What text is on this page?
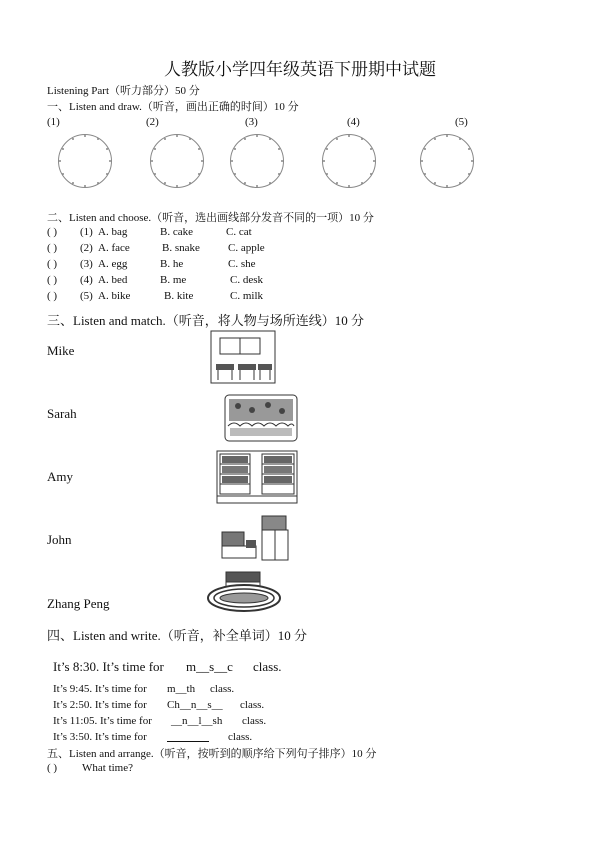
人教版小学四年级英语下册期中试题
Listening Part（听力部分）50 分
一、Listen and draw.（听音，画出正确的时间）10 分
(1)	(2)	(3)	(4)	(5)
二、Listen and choose.（听音，选出画线部分发音不同的一项）10 分
( ) (1) A. bag	B. cake	C. cat
( ) (2) A. face	B. snake	C. apple
( ) (3) A. egg	B. he	C. she
( ) (4) A. bed	B. me	C. desk
( ) (5) A. bike	B. kite	C. milk
三、Listen and match.（听音，将人物与场所连线）10 分
Mike
Sarah
Amy
John
Zhang Peng
四、Listen and write.（听音，补全单词）10 分
It’s 8:30. It’s time for m__s__c class.
It’s 9:45. It’s time for m__th class.
It’s 2:50. It’s time for Ch__n__s__ class.
It’s 11:05. It’s time for __n__l__sh class.
It’s 3:50. It’s time for	class.
五、Listen and arrange.（听音，按听到的顺序给下列句子排序）10 分
( ) What time?
